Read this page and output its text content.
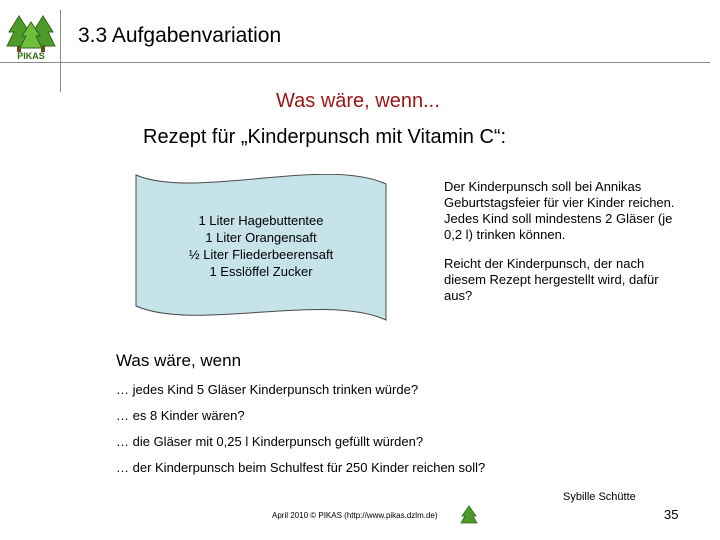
PIKAS
3.3 Aufgabenvariation
Was wäre, wenn...
Rezept für „Kinderpunsch mit Vitamin C“:
1 Liter Hagebuttentee
1 Liter Orangensaft
½ Liter Fliederbeerensaft
1 Esslöffel Zucker
Der Kinderpunsch soll bei Annikas Geburtstagsfeier für vier Kinder reichen. Jedes Kind soll mindestens 2 Gläser (je 0,2 l) trinken können.
Reicht der Kinderpunsch, der nach diesem Rezept hergestellt wird, dafür aus?
Was wäre, wenn
… jedes Kind 5 Gläser Kinderpunsch trinken würde?
… es 8 Kinder wären?
… die Gläser mit 0,25 l Kinderpunsch gefüllt würden?
… der Kinderpunsch beim Schulfest für 250 Kinder reichen soll?
Sybille Schütte
April 2010 © PIKAS (http://www.pikas.dzlm.de)	35
